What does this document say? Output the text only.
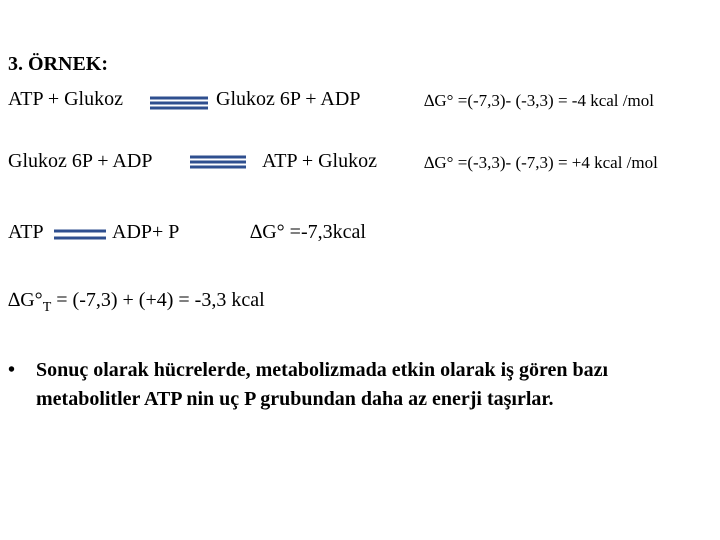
3. ÖRNEK:
ATP + Glukoz	Glukoz 6P + ADP	∆G° =(-7,3)- (-3,3) = -4 kcal /mol
Glukoz 6P + ADP	ATP + Glukoz	∆G° =(-3,3)- (-7,3) = +4 kcal /mol
ATP	ADP+ P	∆G° =-7,3kcal
$\Delta G^\circ_T = (-7,3) + (+4) = -3,3$ kcal
• Sonuç olarak hücrelerde, metabolizmada etkin olarak iş gören bazı metabolitler ATP nin uç P grubundan daha az enerji taşırlar.
